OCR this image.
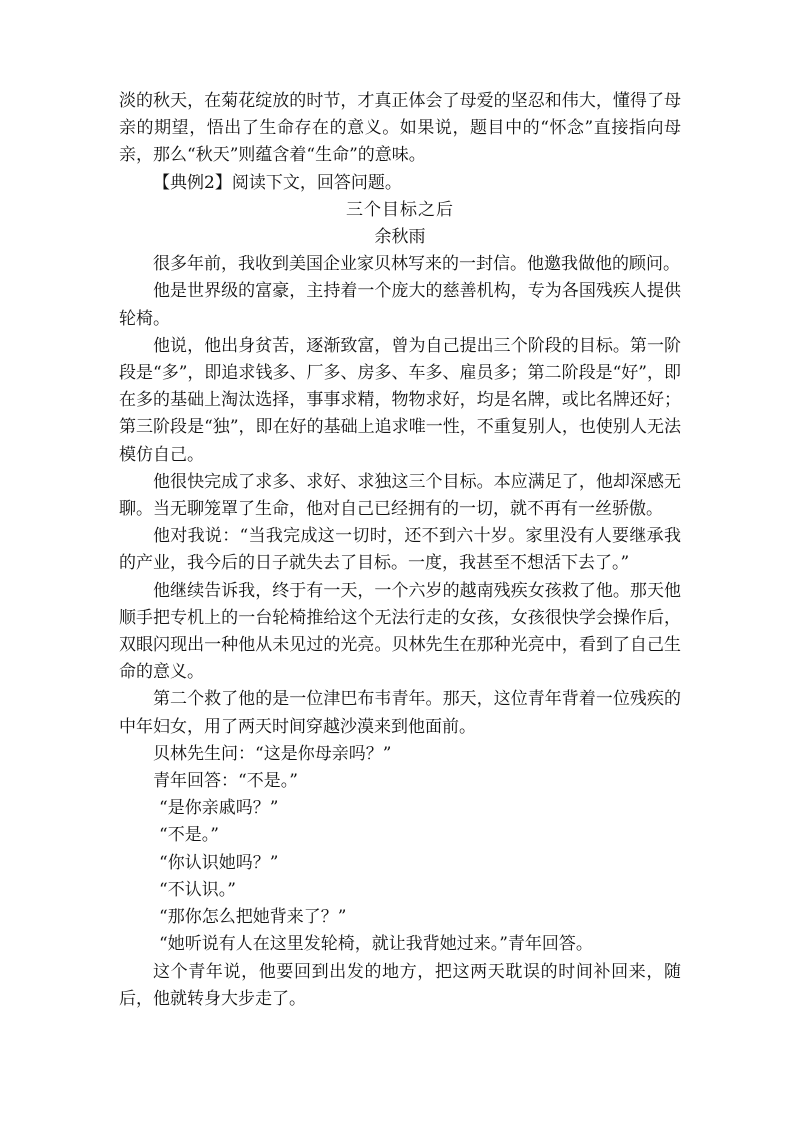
淡的秋天，在菊花绽放的时节，才真正体会了母爱的坚忍和伟大，懂得了母亲的期望，悟出了生命存在的意义。如果说，题目中的“怀念”直接指向母亲，那么“秋天”则蕴含着“生命”的意味。

【典例2】阅读下文，回答问题。

三个目标之后

余秋雨

很多年前，我收到美国企业家贝林写来的一封信。他邀我做他的顾问。

他是世界级的富豪，主持着一个庞大的慈善机构，专为各国残疾人提供轮椅。

他说，他出身贫苦，逐渐致富，曾为自己提出三个阶段的目标。第一阶段是“多”，即追求钱多、厂多、房多、车多、雇员多；第二阶段是“好”，即在多的基础上淘汰选择，事事求精，物物求好，均是名牌，或比名牌还好；第三阶段是“独”，即在好的基础上追求唯一性，不重复别人，也使别人无法模仿自己。

他很快完成了求多、求好、求独这三个目标。本应满足了，他却深感无聊。当无聊笼罩了生命，他对自己已经拥有的一切，就不再有一丝骄傲。

他对我说：“当我完成这一切时，还不到六十岁。家里没有人要继承我的产业，我今后的日子就失去了目标。一度，我甚至不想活下去了。”

他继续告诉我，终于有一天，一个六岁的越南残疾女孩救了他。那天他顺手把专机上的一台轮椅推给这个无法行走的女孩，女孩很快学会操作后，双眼闪现出一种他从未见过的光亮。贝林先生在那种光亮中，看到了自己生命的意义。

第二个救了他的是一位津巴布韦青年。那天，这位青年背着一位残疾的中年妇女，用了两天时间穿越沙漠来到他面前。

贝林先生问：“这是你母亲吗？”

青年回答：“不是。”

“是你亲戚吗？”

“不是。”

“你认识她吗？”

“不认识。”

“那你怎么把她背来了？”

“她听说有人在这里发轮椅，就让我背她过来。”青年回答。

这个青年说，他要回到出发的地方，把这两天耽误的时间补回来，随后，他就转身大步走了。
